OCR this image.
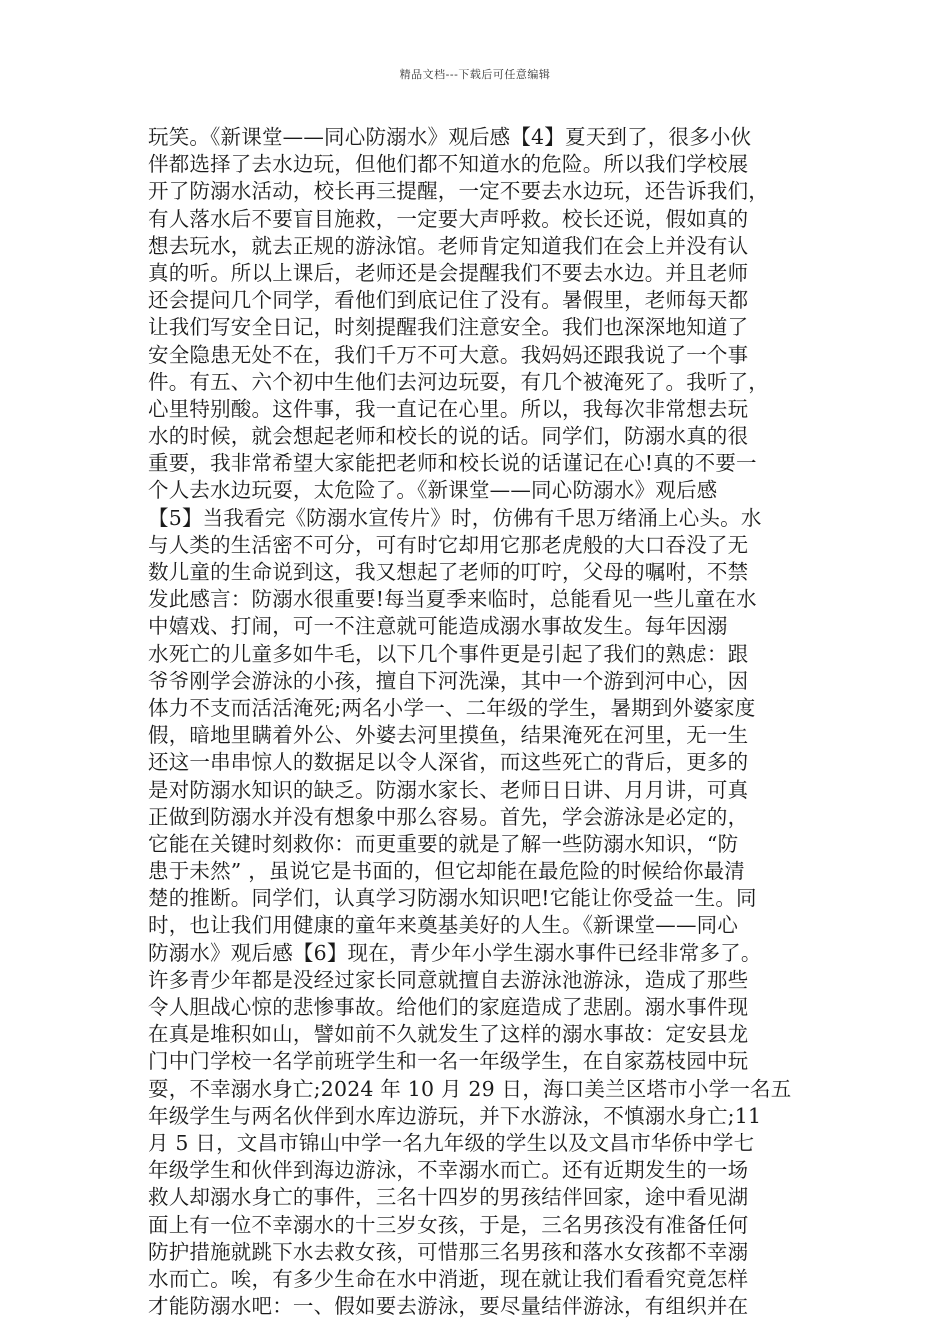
精品文档---下载后可任意编辑
玩笑。《新课堂——同心防溺水》观后感【4】夏天到了，很多小伙
伴都选择了去水边玩，但他们都不知道水的危险。所以我们学校展
开了防溺水活动，校长再三提醒，一定不要去水边玩，还告诉我们，
有人落水后不要盲目施救，一定要大声呼救。校长还说，假如真的
想去玩水，就去正规的游泳馆。老师肯定知道我们在会上并没有认
真的听。所以上课后，老师还是会提醒我们不要去水边。并且老师
还会提问几个同学，看他们到底记住了没有。暑假里，老师每天都
让我们写安全日记，时刻提醒我们注意安全。我们也深深地知道了
安全隐患无处不在，我们千万不可大意。我妈妈还跟我说了一个事
件。有五、六个初中生他们去河边玩耍，有几个被淹死了。我听了，
心里特别酸。这件事，我一直记在心里。所以，我每次非常想去玩
水的时候，就会想起老师和校长的说的话。同学们，防溺水真的很
重要，我非常希望大家能把老师和校长说的话谨记在心!真的不要一
个人去水边玩耍，太危险了。《新课堂——同心防溺水》观后感
【5】当我看完《防溺水宣传片》时，仿佛有千思万绪涌上心头。水
与人类的生活密不可分，可有时它却用它那老虎般的大口吞没了无
数儿童的生命说到这，我又想起了老师的叮咛，父母的嘱咐，不禁
发此感言：防溺水很重要!每当夏季来临时，总能看见一些儿童在水
中嬉戏、打闹，可一不注意就可能造成溺水事故发生。每年因溺
水死亡的儿童多如牛毛，以下几个事件更是引起了我们的熟虑：跟
爷爷刚学会游泳的小孩，擅自下河洗澡，其中一个游到河中心，因
体力不支而活活淹死;两名小学一、二年级的学生，暑期到外婆家度
假，暗地里瞒着外公、外婆去河里摸鱼，结果淹死在河里，无一生
还这一串串惊人的数据足以令人深省，而这些死亡的背后，更多的
是对防溺水知识的缺乏。防溺水家长、老师日日讲、月月讲，可真
正做到防溺水并没有想象中那么容易。首先，学会游泳是必定的，
它能在关键时刻救你：而更重要的就是了解一些防溺水知识，“防
患于未然” ，虽说它是书面的，但它却能在最危险的时候给你最清
楚的推断。同学们，认真学习防溺水知识吧!它能让你受益一生。同
时，也让我们用健康的童年来奠基美好的人生。《新课堂——同心
防溺水》观后感【6】现在，青少年小学生溺水事件已经非常多了。
许多青少年都是没经过家长同意就擅自去游泳池游泳，造成了那些
令人胆战心惊的悲惨事故。给他们的家庭造成了悲剧。溺水事件现
在真是堆积如山，譬如前不久就发生了这样的溺水事故：定安县龙
门中门学校一名学前班学生和一名一年级学生，在自家荔枝园中玩
耍，不幸溺水身亡;2024 年 10 月 29 日，海口美兰区塔市小学一名五
年级学生与两名伙伴到水库边游玩，并下水游泳，不慎溺水身亡;11
月 5 日，文昌市锦山中学一名九年级的学生以及文昌市华侨中学七
年级学生和伙伴到海边游泳，不幸溺水而亡。还有近期发生的一场
救人却溺水身亡的事件，三名十四岁的男孩结伴回家，途中看见湖
面上有一位不幸溺水的十三岁女孩，于是，三名男孩没有准备任何
防护措施就跳下水去救女孩，可惜那三名男孩和落水女孩都不幸溺
水而亡。唉，有多少生命在水中消逝，现在就让我们看看究竟怎样
才能防溺水吧：一、假如要去游泳，要尽量结伴游泳，有组织并在
